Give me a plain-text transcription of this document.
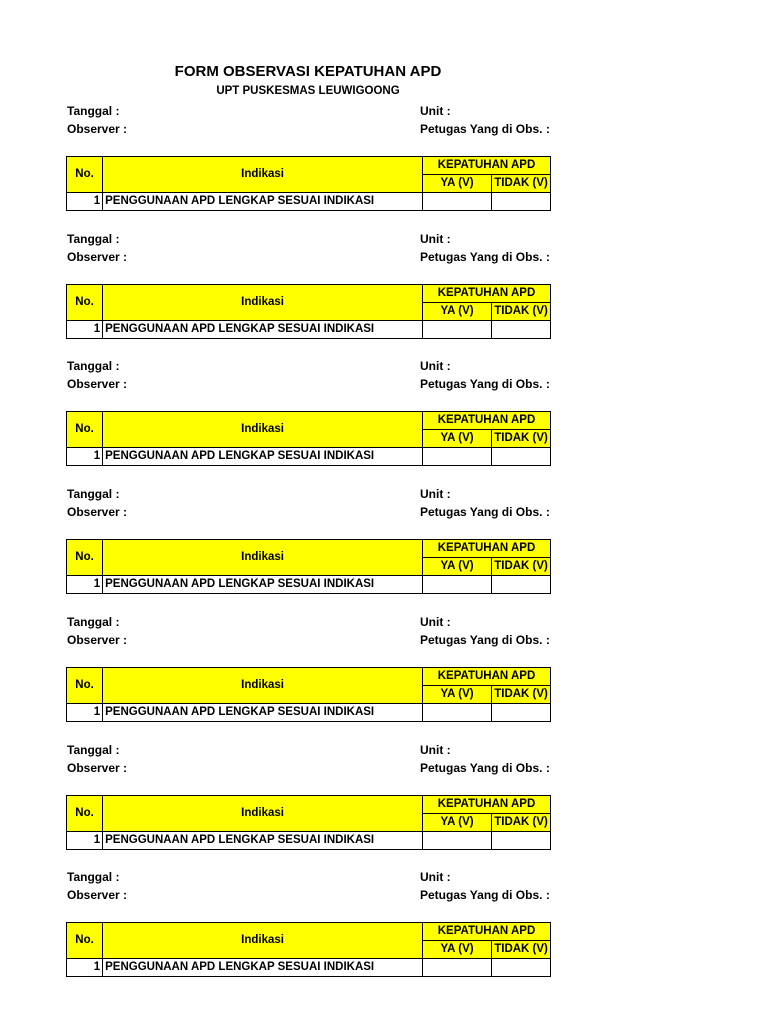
FORM OBSERVASI KEPATUHAN APD
UPT PUSKESMAS LEUWIGOONG
Tanggal :
Observer :
Unit :
Petugas Yang di Obs. :
No.	Indikasi	KEPATUHAN APD	
		YA (V)	TIDAK (V)
1	PENGGUNAAN APD LENGKAP SESUAI INDIKASI		
Tanggal :
Observer :
Unit :
Petugas Yang di Obs. :
No.	Indikasi	KEPATUHAN APD	
		YA (V)	TIDAK (V)
1	PENGGUNAAN APD LENGKAP SESUAI INDIKASI		
Tanggal :
Observer :
Unit :
Petugas Yang di Obs. :
No.	Indikasi	KEPATUHAN APD	
		YA (V)	TIDAK (V)
1	PENGGUNAAN APD LENGKAP SESUAI INDIKASI		
Tanggal :
Observer :
Unit :
Petugas Yang di Obs. :
No.	Indikasi	KEPATUHAN APD	
		YA (V)	TIDAK (V)
1	PENGGUNAAN APD LENGKAP SESUAI INDIKASI		
Tanggal :
Observer :
Unit :
Petugas Yang di Obs. :
No.	Indikasi	KEPATUHAN APD	
		YA (V)	TIDAK (V)
1	PENGGUNAAN APD LENGKAP SESUAI INDIKASI		
Tanggal :
Observer :
Unit :
Petugas Yang di Obs. :
No.	Indikasi	KEPATUHAN APD	
		YA (V)	TIDAK (V)
1	PENGGUNAAN APD LENGKAP SESUAI INDIKASI		
Tanggal :
Observer :
Unit :
Petugas Yang di Obs. :
No.	Indikasi	KEPATUHAN APD	
		YA (V)	TIDAK (V)
1	PENGGUNAAN APD LENGKAP SESUAI INDIKASI		
